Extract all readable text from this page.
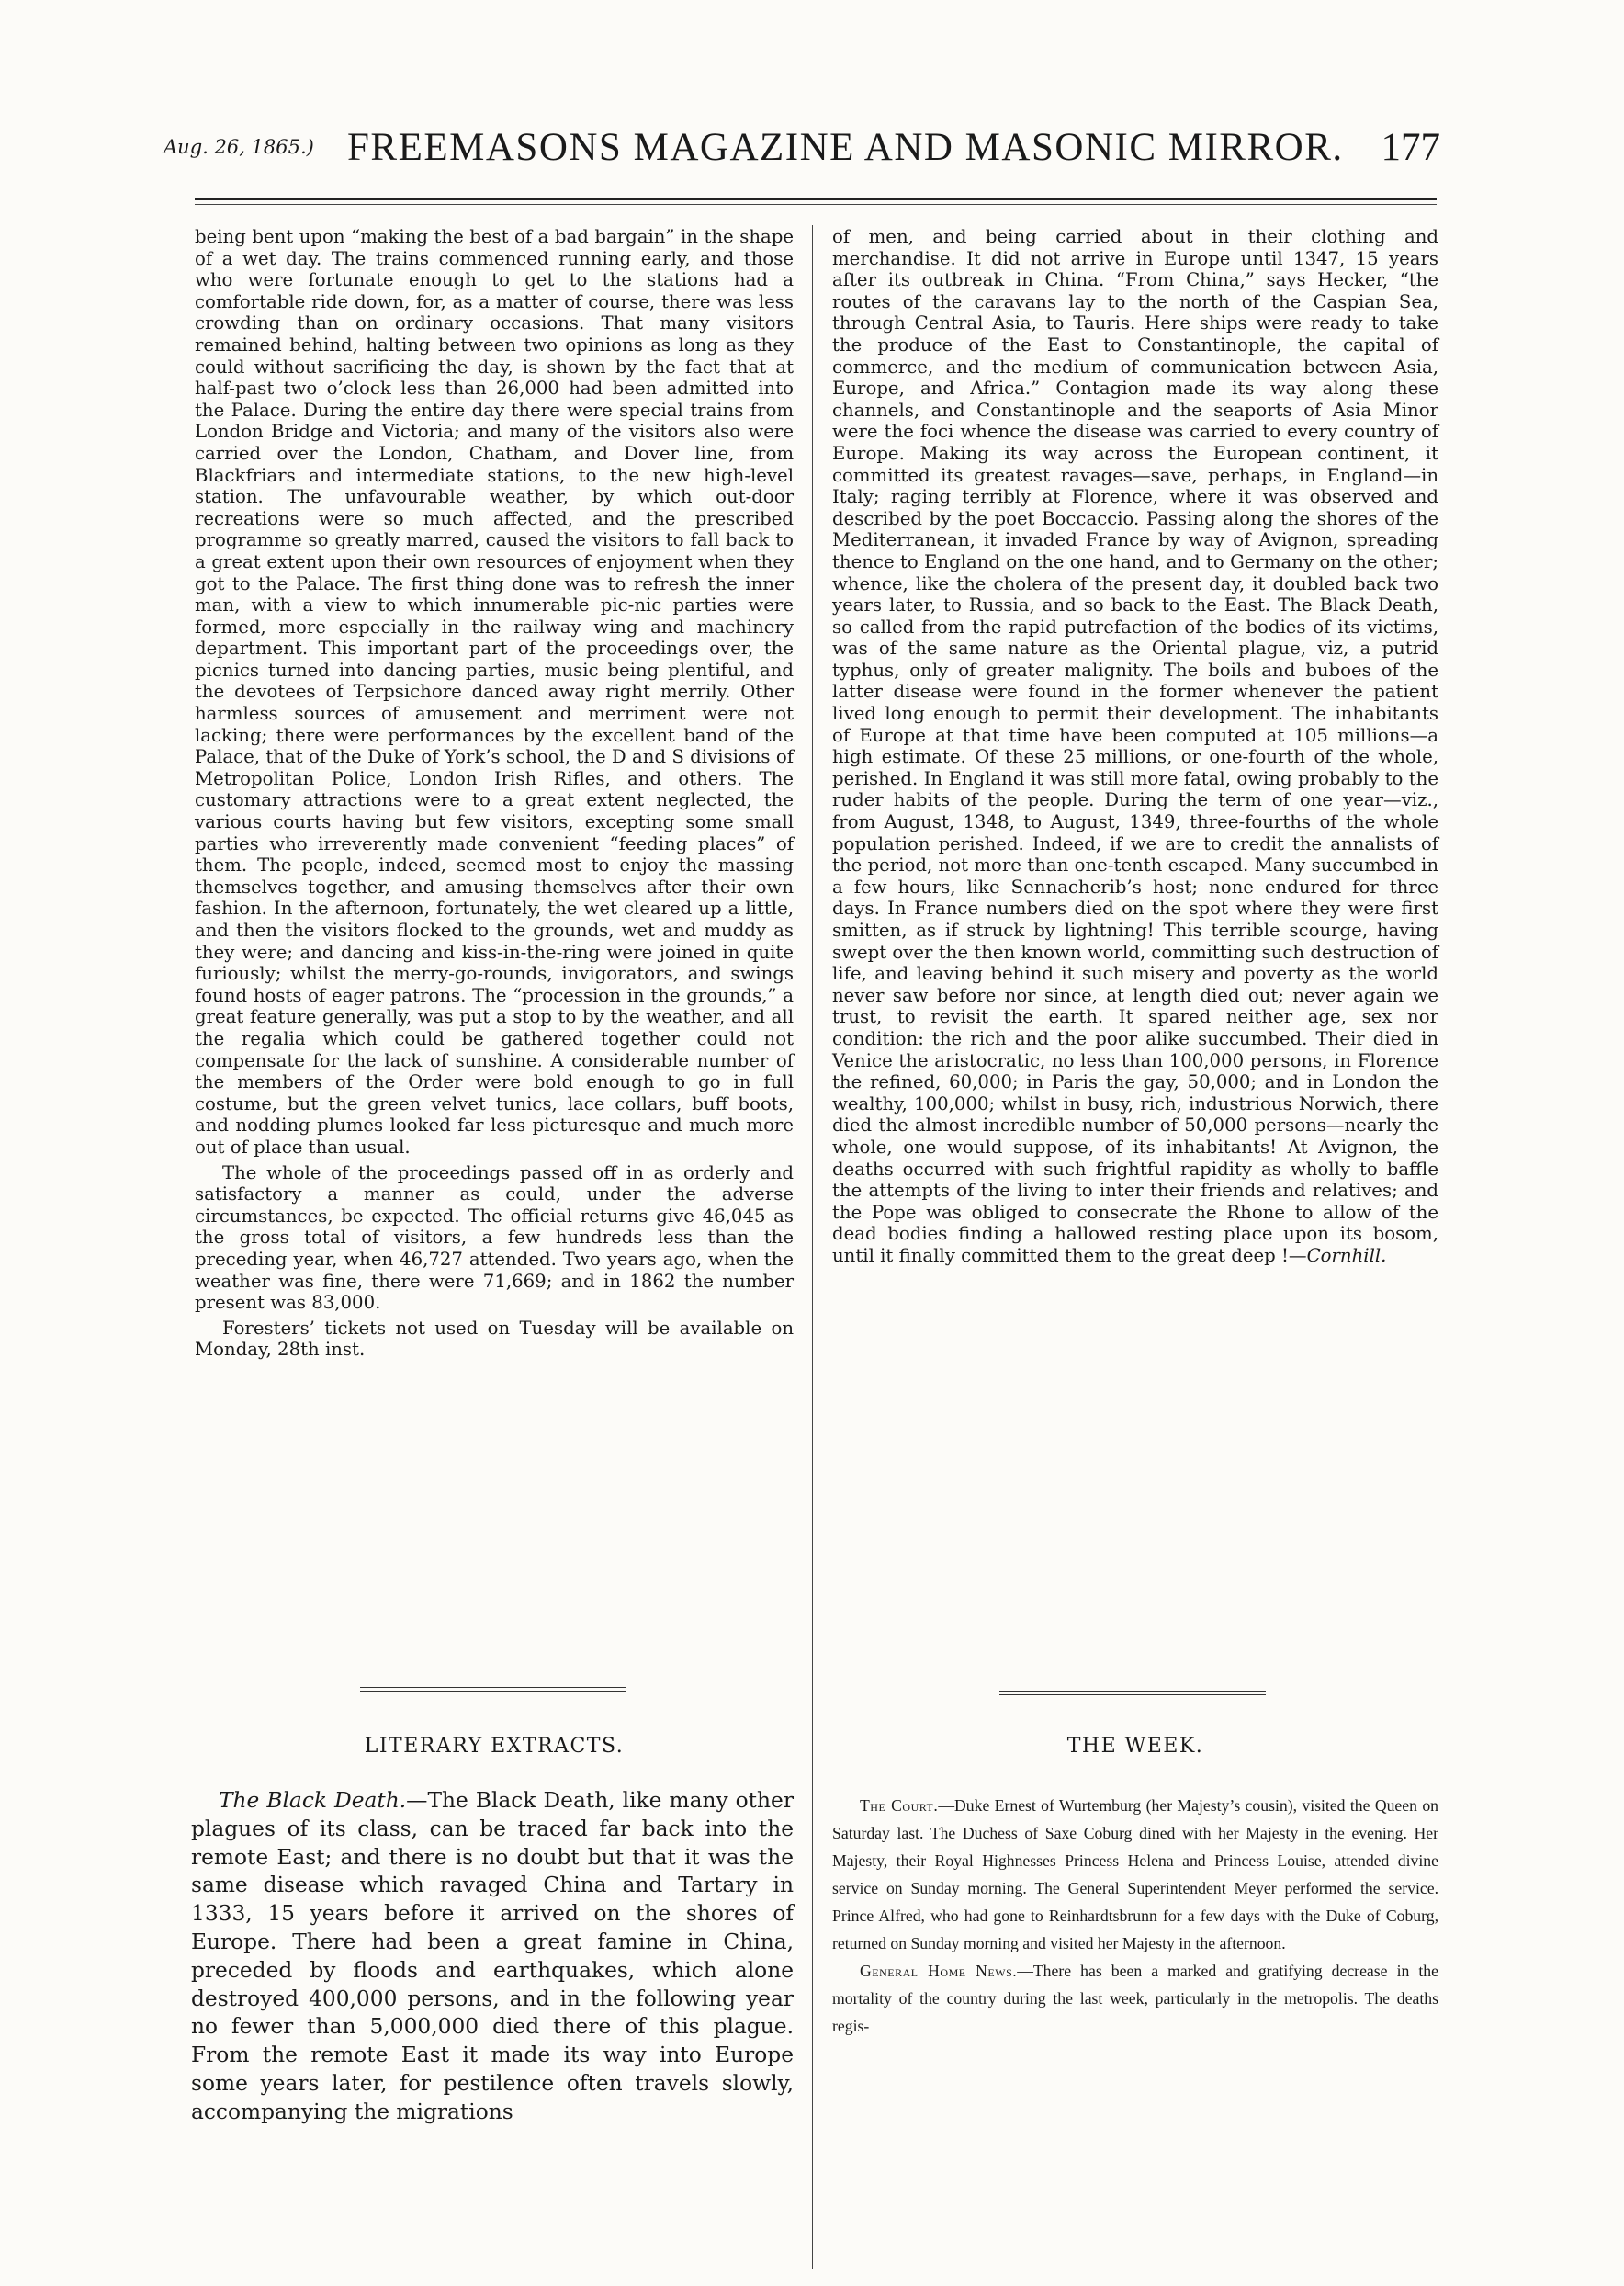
Aug. 26, 1865.) FREEMASONS MAGAZINE AND MASONIC MIRROR. 177

being bent upon “making the best of a bad bargain” in the shape of a wet day. The trains commenced running early, and those who were fortunate enough to get to the stations had a comfortable ride down, for, as a matter of course, there was less crowding than on ordinary occasions. That many visitors remained behind, halting between two opinions as long as they could without sacrificing the day, is shown by the fact that at half-past two o’clock less than 26,000 had been admitted into the Palace. During the entire day there were special trains from London Bridge and Victoria; and many of the visitors also were carried over the London, Chatham, and Dover line, from Blackfriars and intermediate stations, to the new high-level station. The unfavourable weather, by which out-door recreations were so much affected, and the prescribed programme so greatly marred, caused the visitors to fall back to a great extent upon their own resources of enjoyment when they got to the Palace. The first thing done was to refresh the inner man, with a view to which innumerable pic-nic parties were formed, more especially in the railway wing and machinery department. This important part of the proceedings over, the picnics turned into dancing parties, music being plentiful, and the devotees of Terpsichore danced away right merrily. Other harmless sources of amusement and merriment were not lacking; there were performances by the excellent band of the Palace, that of the Duke of York’s school, the D and S divisions of Metropolitan Police, London Irish Rifles, and others. The customary attractions were to a great extent neglected, the various courts having but few visitors, excepting some small parties who irreverently made convenient “feeding places” of them. The people, indeed, seemed most to enjoy the massing themselves together, and amusing themselves after their own fashion. In the afternoon, fortunately, the wet cleared up a little, and then the visitors flocked to the grounds, wet and muddy as they were; and dancing and kiss-in-the-ring were joined in quite furiously; whilst the merry-go-rounds, invigorators, and swings found hosts of eager patrons. The “procession in the grounds,” a great feature generally, was put a stop to by the weather, and all the regalia which could be gathered together could not compensate for the lack of sunshine. A considerable number of the members of the Order were bold enough to go in full costume, but the green velvet tunics, lace collars, buff boots, and nodding plumes looked far less picturesque and much more out of place than usual.

The whole of the proceedings passed off in as orderly and satisfactory a manner as could, under the adverse circumstances, be expected. The official returns give 46,045 as the gross total of visitors, a few hundreds less than the preceding year, when 46,727 attended. Two years ago, when the weather was fine, there were 71,669; and in 1862 the number present was 83,000.

Foresters’ tickets not used on Tuesday will be available on Monday, 28th inst.

of men, and being carried about in their clothing and merchandise. It did not arrive in Europe until 1347, 15 years after its outbreak in China. “From China,” says Hecker, “the routes of the caravans lay to the north of the Caspian Sea, through Central Asia, to Tauris. Here ships were ready to take the produce of the East to Constantinople, the capital of commerce, and the medium of communication between Asia, Europe, and Africa.” Contagion made its way along these channels, and Constantinople and the seaports of Asia Minor were the foci whence the disease was carried to every country of Europe. Making its way across the European continent, it committed its greatest ravages—save, perhaps, in England—in Italy; raging terribly at Florence, where it was observed and described by the poet Boccaccio. Passing along the shores of the Mediterranean, it invaded France by way of Avignon, spreading thence to England on the one hand, and to Germany on the other; whence, like the cholera of the present day, it doubled back two years later, to Russia, and so back to the East. The Black Death, so called from the rapid putrefaction of the bodies of its victims, was of the same nature as the Oriental plague, viz, a putrid typhus, only of greater malignity. The boils and buboes of the latter disease were found in the former whenever the patient lived long enough to permit their development. The inhabitants of Europe at that time have been computed at 105 millions—a high estimate. Of these 25 millions, or one-fourth of the whole, perished. In England it was still more fatal, owing probably to the ruder habits of the people. During the term of one year—viz., from August, 1348, to August, 1349, three-fourths of the whole population perished. Indeed, if we are to credit the annalists of the period, not more than one-tenth escaped. Many succumbed in a few hours, like Sennacherib’s host; none endured for three days. In France numbers died on the spot where they were first smitten, as if struck by lightning! This terrible scourge, having swept over the then known world, committing such destruction of life, and leaving behind it such misery and poverty as the world never saw before nor since, at length died out; never again we trust, to revisit the earth. It spared neither age, sex nor condition: the rich and the poor alike succumbed. Their died in Venice the aristocratic, no less than 100,000 persons, in Florence the refined, 60,000; in Paris the gay, 50,000; and in London the wealthy, 100,000; whilst in busy, rich, industrious Norwich, there died the almost incredible number of 50,000 persons—nearly the whole, one would suppose, of its inhabitants! At Avignon, the deaths occurred with such frightful rapidity as wholly to baffle the attempts of the living to inter their friends and relatives; and the Pope was obliged to consecrate the Rhone to allow of the dead bodies finding a hallowed resting place upon its bosom, until it finally committed them to the great deep !—Cornhill.

LITERARY EXTRACTS.	THE WEEK.

The Black Death.—The Black Death, like many other plagues of its class, can be traced far back into the remote East; and there is no doubt but that it was the same disease which ravaged China and Tartary in 1333, 15 years before it arrived on the shores of Europe. There had been a great famine in China, preceded by floods and earthquakes, which alone destroyed 400,000 persons, and in the following year no fewer than 5,000,000 died there of this plague. From the remote East it made its way into Europe some years later, for pestilence often travels slowly, accompanying the migrations

The Court.—Duke Ernest of Wurtemburg (her Majesty’s cousin), visited the Queen on Saturday last. The Duchess of Saxe Coburg dined with her Majesty in the evening. Her Majesty, their Royal Highnesses Princess Helena and Princess Louise, attended divine service on Sunday morning. The General Superintendent Meyer performed the service. Prince Alfred, who had gone to Reinhardtsbrunn for a few days with the Duke of Coburg, returned on Sunday morning and visited her Majesty in the afternoon.

General Home News.—There has been a marked and gratifying decrease in the mortality of the country during the last week, particularly in the metropolis. The deaths regis-
